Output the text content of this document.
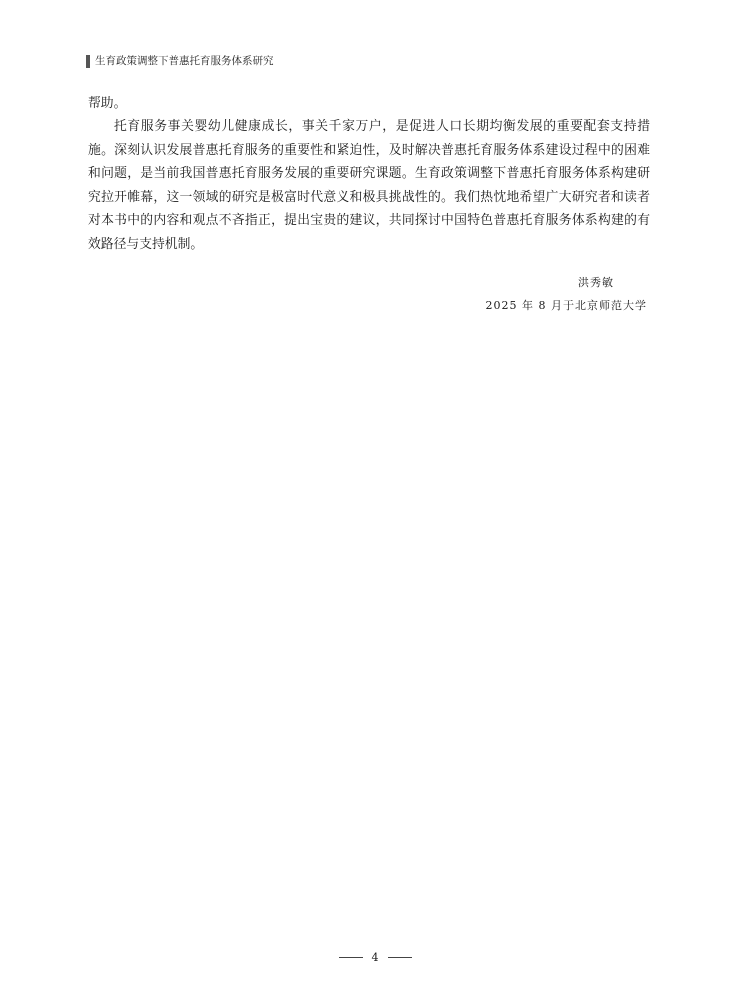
生育政策调整下普惠托育服务体系研究

帮助。

托育服务事关婴幼儿健康成长，事关千家万户，是促进人口长期均衡发展的重要配套支持措施。深刻认识发展普惠托育服务的重要性和紧迫性，及时解决普惠托育服务体系建设过程中的困难和问题，是当前我国普惠托育服务发展的重要研究课题。生育政策调整下普惠托育服务体系构建研究拉开帷幕，这一领域的研究是极富时代意义和极具挑战性的。我们热忱地希望广大研究者和读者对本书中的内容和观点不吝指正，提出宝贵的建议，共同探讨中国特色普惠托育服务体系构建的有效路径与支持机制。

洪秀敏
2025 年 8 月于北京师范大学
4
